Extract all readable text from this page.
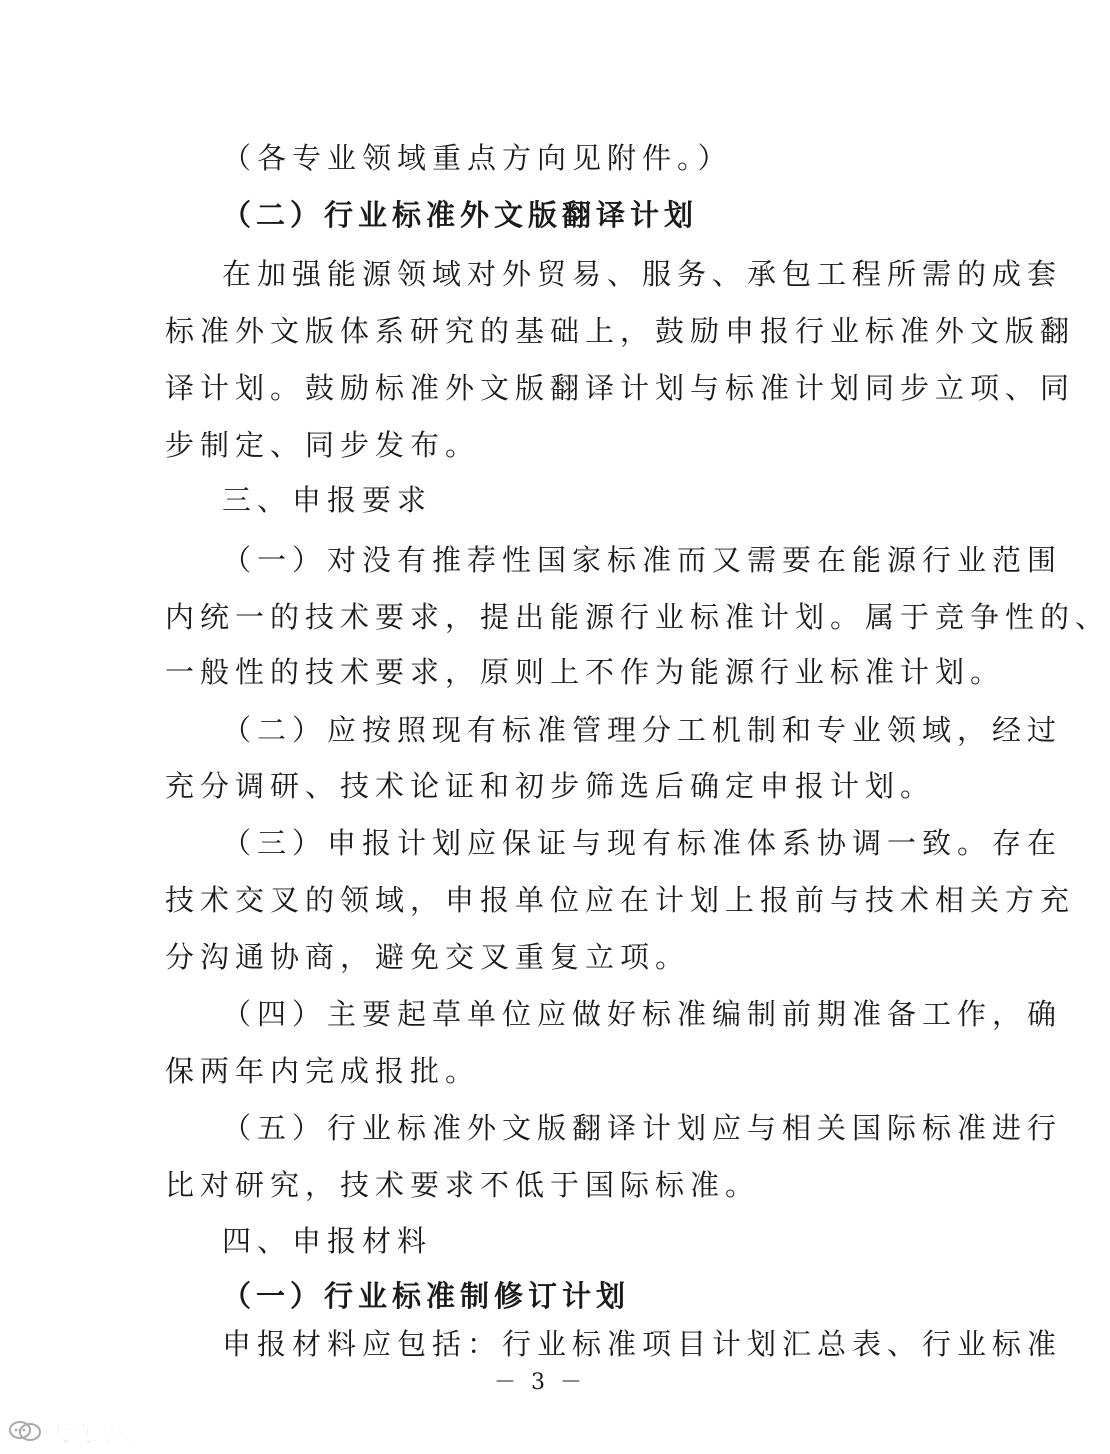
（各专业领域重点方向见附件。）
（二）行业标准外文版翻译计划
在加强能源领域对外贸易、服务、承包工程所需的成套
标准外文版体系研究的基础上，鼓励申报行业标准外文版翻
译计划。鼓励标准外文版翻译计划与标准计划同步立项、同
步制定、同步发布。
三、申报要求
（一）对没有推荐性国家标准而又需要在能源行业范围
内统一的技术要求，提出能源行业标准计划。属于竞争性的、
一般性的技术要求，原则上不作为能源行业标准计划。
（二）应按照现有标准管理分工机制和专业领域，经过
充分调研、技术论证和初步筛选后确定申报计划。
（三）申报计划应保证与现有标准体系协调一致。存在
技术交叉的领域，申报单位应在计划上报前与技术相关方充
分沟通协商，避免交叉重复立项。
（四）主要起草单位应做好标准编制前期准备工作，确
保两年内完成报批。
（五）行业标准外文版翻译计划应与相关国际标准进行
比对研究，技术要求不低于国际标准。
四、申报材料
（一）行业标准制修订计划
申报材料应包括：行业标准项目计划汇总表、行业标准
－ 3 －
大数跨境
